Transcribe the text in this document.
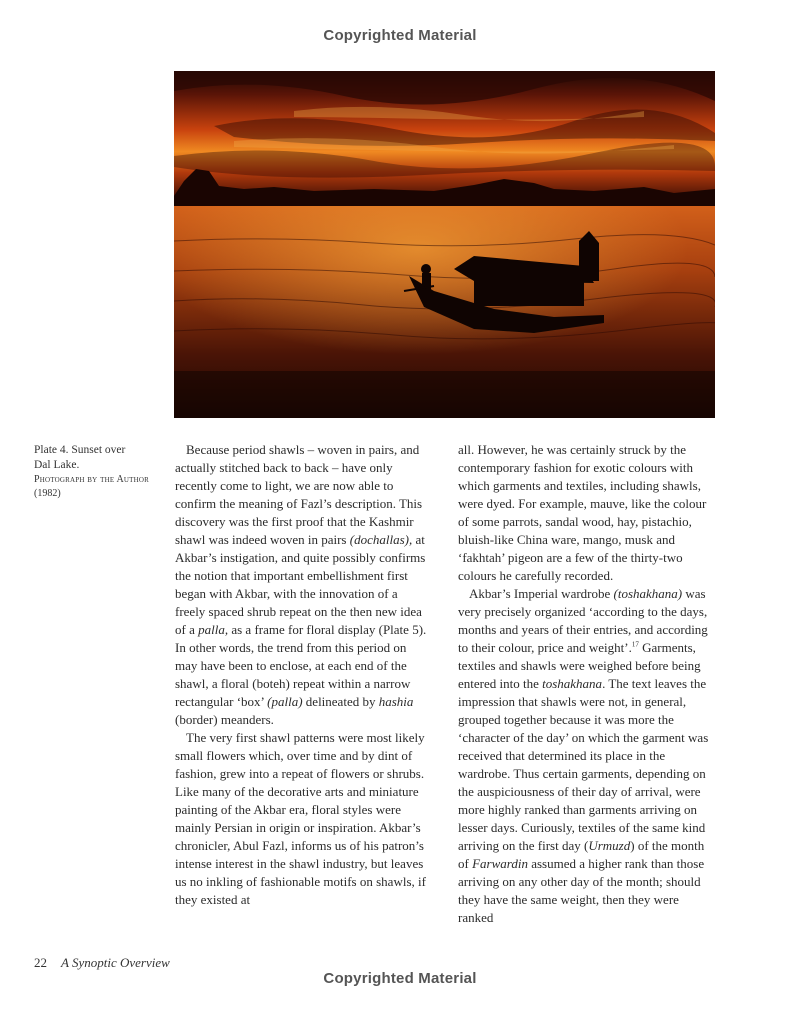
Copyrighted Material
Plate 4. Sunset over
Dal Lake.
Photograph by the Author
(1982)

Because period shawls – woven in pairs, and actually stitched back to back – have only recently come to light, we are now able to confirm the meaning of Fazl’s description. This discovery was the first proof that the Kashmir shawl was indeed woven in pairs (dochallas), at Akbar’s instigation, and quite possibly confirms the notion that important embellishment first began with Akbar, with the innovation of a freely spaced shrub repeat on the then new idea of a palla, as a frame for floral display (Plate 5). In other words, the trend from this period on may have been to enclose, at each end of the shawl, a floral (boteh) repeat within a narrow rectangular ‘box’ (palla) delineated by hashia (border) meanders.

The very first shawl patterns were most likely small flowers which, over time and by dint of fashion, grew into a repeat of flowers or shrubs. Like many of the decorative arts and miniature painting of the Akbar era, floral styles were mainly Persian in origin or inspiration. Akbar’s chronicler, Abul Fazl, informs us of his patron’s intense interest in the shawl industry, but leaves us no inkling of fashionable motifs on shawls, if they existed at

all. However, he was certainly struck by the contemporary fashion for exotic colours with which garments and textiles, including shawls, were dyed. For example, mauve, like the colour of some parrots, sandal wood, hay, pistachio, bluish-like China ware, mango, musk and ‘fakhtah’ pigeon are a few of the thirty-two colours he carefully recorded.

Akbar’s Imperial wardrobe (toshakhana) was very precisely organized ‘according to the days, months and years of their entries, and according to their colour, price and weight’.$^{17}$ Garments, textiles and shawls were weighed before being entered into the toshakhana. The text leaves the impression that shawls were not, in general, grouped together because it was more the ‘character of the day’ on which the garment was received that determined its place in the wardrobe. Thus certain garments, depending on the auspiciousness of their day of arrival, were more highly ranked than garments arriving on lesser days. Curiously, textiles of the same kind arriving on the first day (Urmuzd) of the month of Farwardin assumed a higher rank than those arriving on any other day of the month; should they have the same weight, then they were ranked

22 A Synoptic Overview
Copyrighted Material
